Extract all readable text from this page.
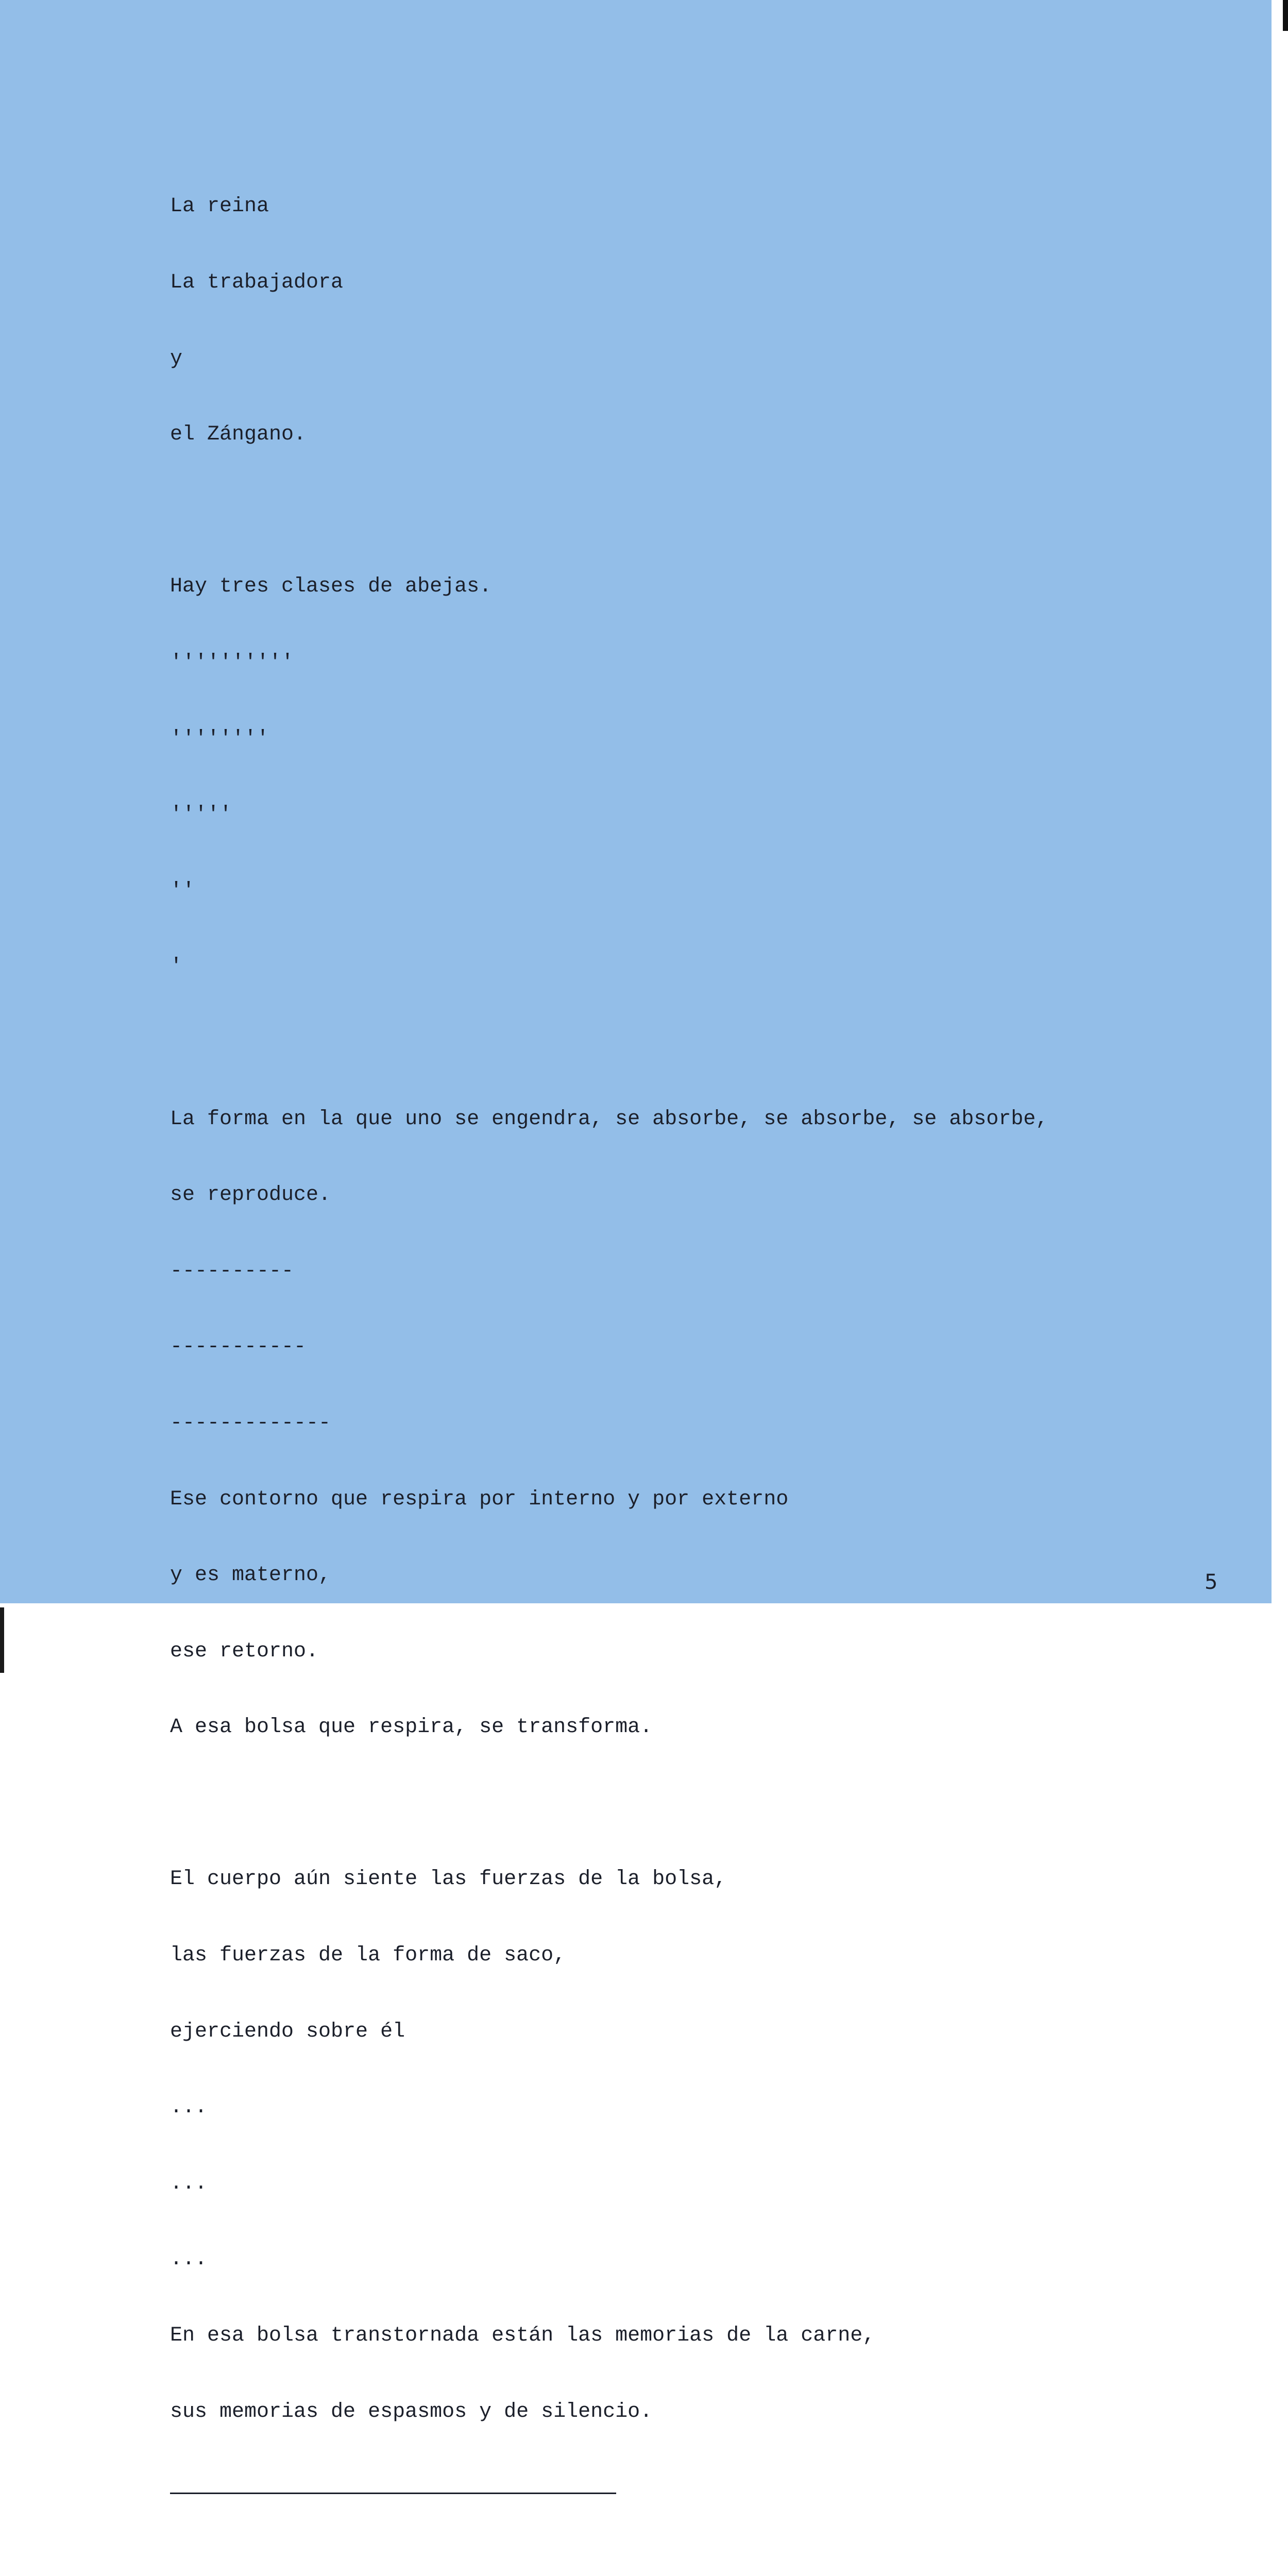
La reina

La trabajadora

y

el Zángano.

Hay tres clases de abejas.

''''''''''

''''''''

'''''

''

'

La forma en la que uno se engendra, se absorbe, se absorbe, se absorbe,

se reproduce.

----------

-----------

-------------

Ese contorno que respira por interno y por externo

y es materno,

ese retorno.

A esa bolsa que respira, se transforma.

El cuerpo aún siente las fuerzas de la bolsa,

las fuerzas de la forma de saco,

ejerciendo sobre él

...

...

...

En esa bolsa transtornada están las memorias de la carne,

sus memorias de espasmos y de silencio.

5
